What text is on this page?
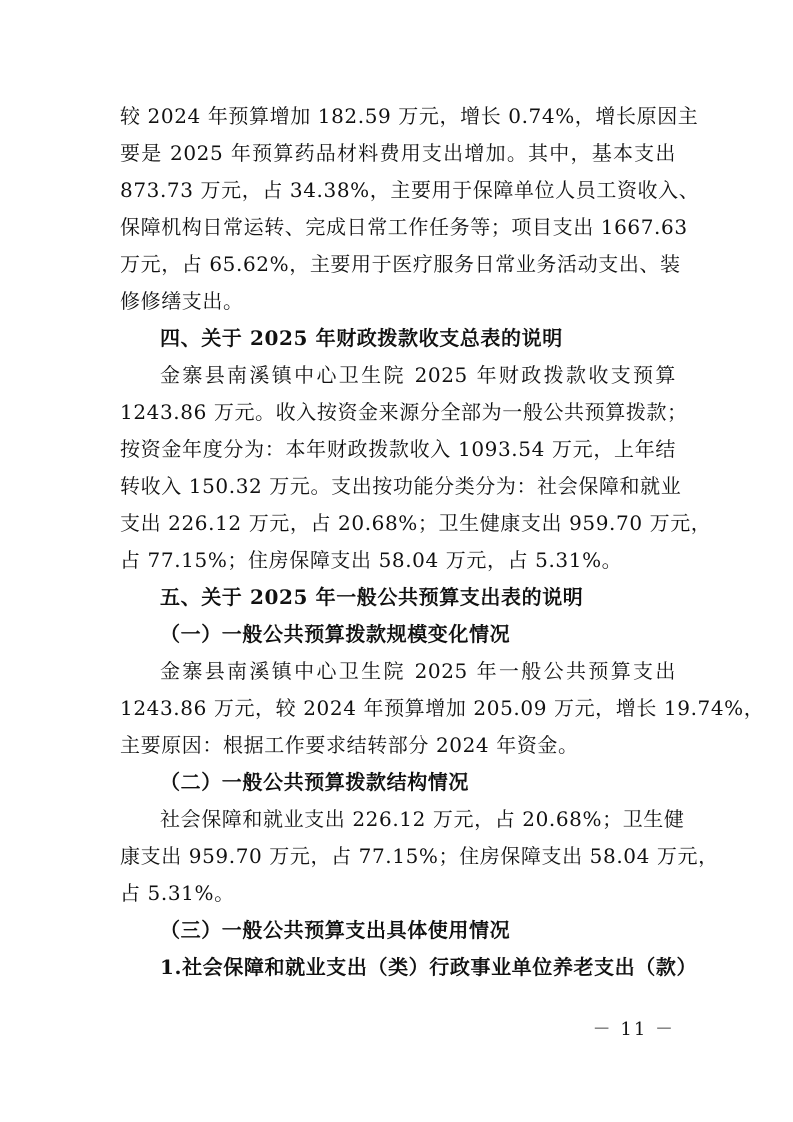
较 2024 年预算增加 182.59 万元，增长 0.74%，增长原因主
要是 2025 年预算药品材料费用支出增加。其中，基本支出
873.73 万元，占 34.38%，主要用于保障单位人员工资收入、
保障机构日常运转、完成日常工作任务等；项目支出 1667.63
万元，占 65.62%，主要用于医疗服务日常业务活动支出、装
修修缮支出。
四、关于 2025 年财政拨款收支总表的说明
金寨县南溪镇中心卫生院 2025 年财政拨款收支预算
1243.86 万元。收入按资金来源分全部为一般公共预算拨款；
按资金年度分为：本年财政拨款收入 1093.54 万元，上年结
转收入 150.32 万元。支出按功能分类分为：社会保障和就业
支出 226.12 万元，占 20.68%；卫生健康支出 959.70 万元，
占 77.15%；住房保障支出 58.04 万元，占 5.31%。
五、关于 2025 年一般公共预算支出表的说明
（一）一般公共预算拨款规模变化情况
金寨县南溪镇中心卫生院 2025 年一般公共预算支出
1243.86 万元，较 2024 年预算增加 205.09 万元，增长 19.74%，
主要原因：根据工作要求结转部分 2024 年资金。
（二）一般公共预算拨款结构情况
社会保障和就业支出 226.12 万元，占 20.68%；卫生健
康支出 959.70 万元，占 77.15%；住房保障支出 58.04 万元，
占 5.31%。
（三）一般公共预算支出具体使用情况
1.社会保障和就业支出（类）行政事业单位养老支出（款）
－ 11 －
